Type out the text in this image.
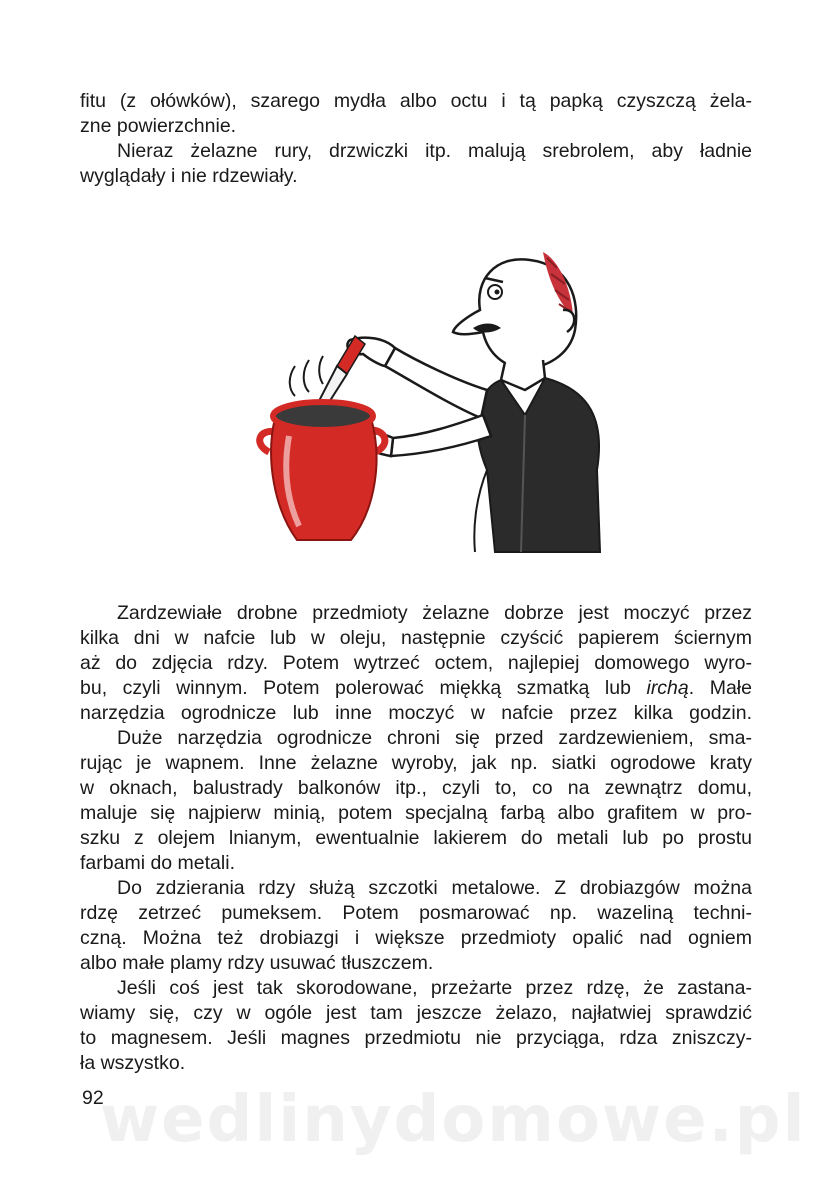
fitu (z ołówków), szarego mydła albo octu i tą papką czyszczą żela-
zne powierzchnie.
Nieraz żelazne rury, drzwiczki itp. malują srebrolem, aby ładnie
wyglądały i nie rdzewiały.
Zardzewiałe drobne przedmioty żelazne dobrze jest moczyć przez
kilka dni w nafcie lub w oleju, następnie czyścić papierem ściernym
aż do zdjęcia rdzy. Potem wytrzeć octem, najlepiej domowego wyro-
bu, czyli winnym. Potem polerować miękką szmatką lub irchą. Małe
narzędzia ogrodnicze lub inne moczyć w nafcie przez kilka godzin.
Duże narzędzia ogrodnicze chroni się przed zardzewieniem, sma-
rując je wapnem. Inne żelazne wyroby, jak np. siatki ogrodowe kraty
w oknach, balustrady balkonów itp., czyli to, co na zewnątrz domu,
maluje się najpierw minią, potem specjalną farbą albo grafitem w pro-
szku z olejem lnianym, ewentualnie lakierem do metali lub po prostu
farbami do metali.
Do zdzierania rdzy służą szczotki metalowe. Z drobiazgów można
rdzę zetrzeć pumeksem. Potem posmarować np. wazeliną techni-
czną. Można też drobiazgi i większe przedmioty opalić nad ogniem
albo małe plamy rdzy usuwać tłuszczem.
Jeśli coś jest tak skorodowane, przeżarte przez rdzę, że zastana-
wiamy się, czy w ogóle jest tam jeszcze żelazo, najłatwiej sprawdzić
to magnesem. Jeśli magnes przedmiotu nie przyciąga, rdza zniszczy-
ła wszystko.
92
wedlinydomowe.pl
